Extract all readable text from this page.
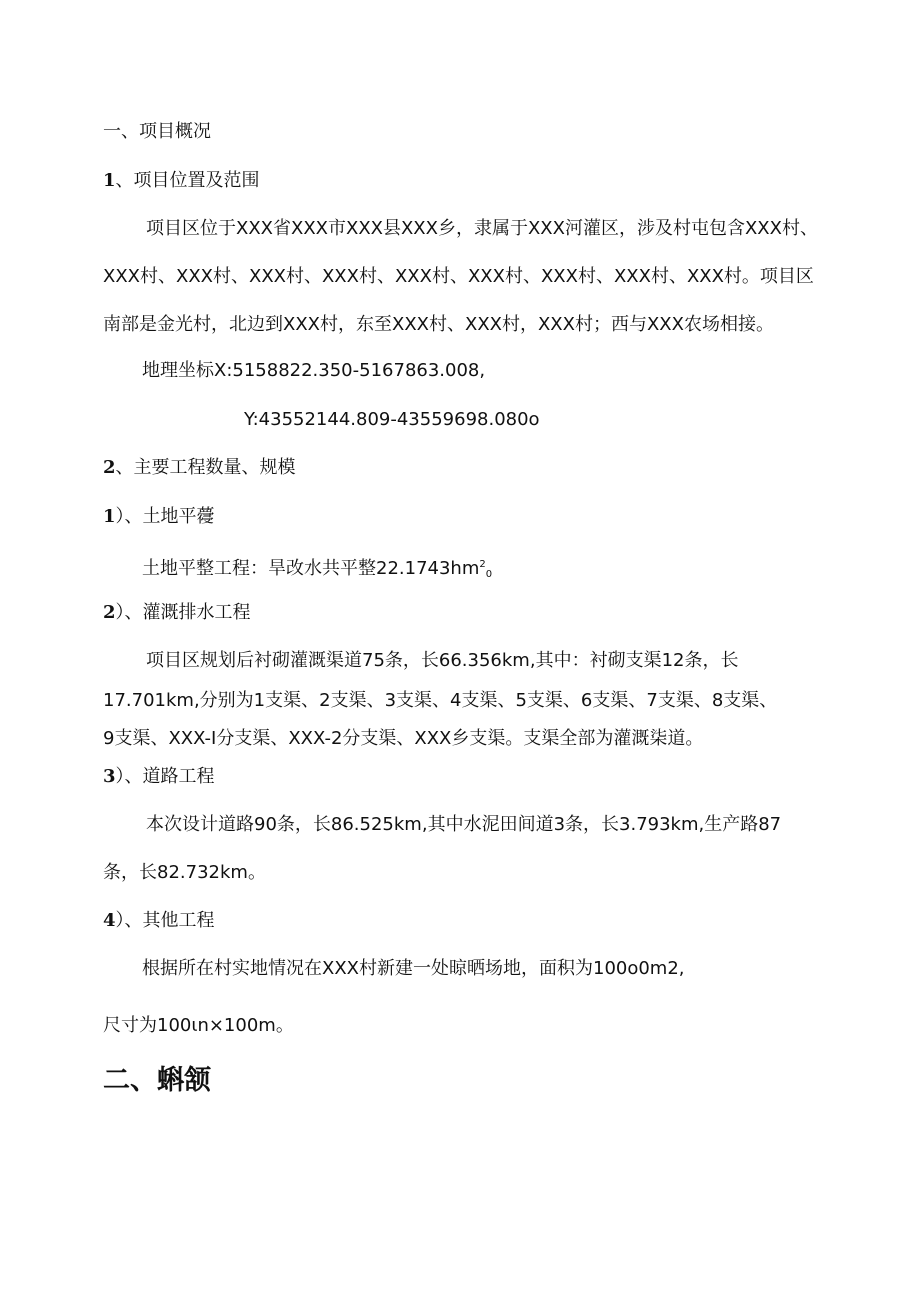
一、项目概况
1、项目位置及范围
项目区位于XXX省XXX市XXX县XXX乡，隶属于XXX河灌区，涉及村屯包含XXX村、
XXX村、XXX村、XXX村、XXX村、XXX村、XXX村、XXX村、XXX村、XXX村。项目区
南部是金光村，北边到XXX村，东至XXX村、XXX村，XXX村；西与XXX农场相接。
地理坐标X:5158822.350-5167863.008,
Y:43552144.809-43559698.080o
2、主要工程数量、规模
1）、土地平蘉
土地平整工程：旱改水共平整$22.1743hm^2_0$
2）、灌溉排水工程
项目区规划后衬砌灌溉渠道75条，长66.356km,其中：衬砌支渠12条，长
17.701km,分别为1支渠、2支渠、3支渠、4支渠、5支渠、6支渠、7支渠、8支渠、
9支渠、XXX-I分支渠、XXX-2分支渠、XXX乡支渠。支渠全部为灌溉柒道。
3）、道路工程
本次设计道路90条，长86.525km,其中水泥田间道3条，长3.793km,生产路87
条，长82.732km。
4）、其他工程
根据所在村实地情况在XXX村新建一处晾晒场地，面积为100o0m2,
尺寸为100ιn×100m。
二、蝌颔
